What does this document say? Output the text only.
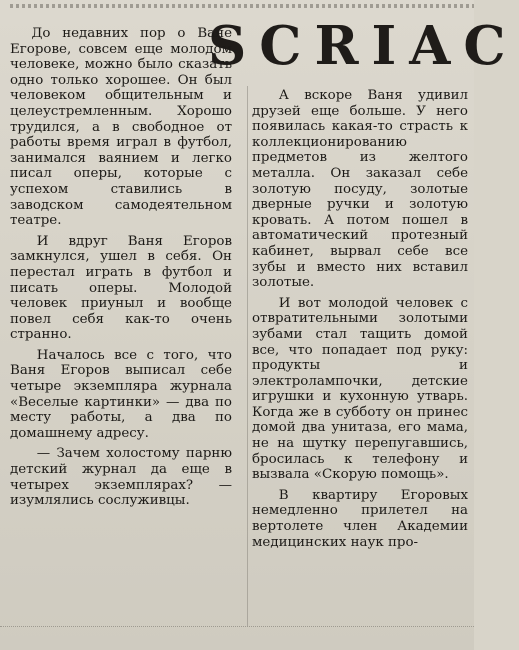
SCRIAC

До недавних пор о Ване Егорове, совсем еще молодом человеке, можно было сказать одно только хорошее. Он был человеком общительным и целеустремленным. Хорошо трудился, а в свободное от работы время играл в футбол, занимался ваянием и легко писал оперы, которые с успехом ставились в заводском самодеятельном театре.

И вдруг Ваня Егоров замкнулся, ушел в себя. Он перестал играть в футбол и писать оперы. Молодой человек приуныл и вообще повел себя как-то очень странно.

Началось все с того, что Ваня Егоров выписал себе четыре экземпляра журнала «Веселые картинки» — два по месту работы, а два по домашнему адресу.

— Зачем холостому парню детский журнал да еще в четырех экземплярах? — изумлялись сослуживцы.

А вскоре Ваня удивил друзей еще больше. У него появилась какая-то страсть к коллекционированию предметов из желтого металла. Он заказал себе золотую посуду, золотые дверные ручки и золотую кровать. А потом пошел в автоматический протезный кабинет, вырвал себе все зубы и вместо них вставил золотые.

И вот молодой человек с отвратительными золотыми зубами стал тащить домой все, что попадает под руку: продукты и электролампочки, детские игрушки и кухонную утварь. Когда же в субботу он принес домой два унитаза, его мама, не на шутку перепугавшись, бросилась к телефону и вызвала «Скорую помощь».

В квартиру Егоровых немедленно прилетел на вертолете член Академии медицинских наук про-
